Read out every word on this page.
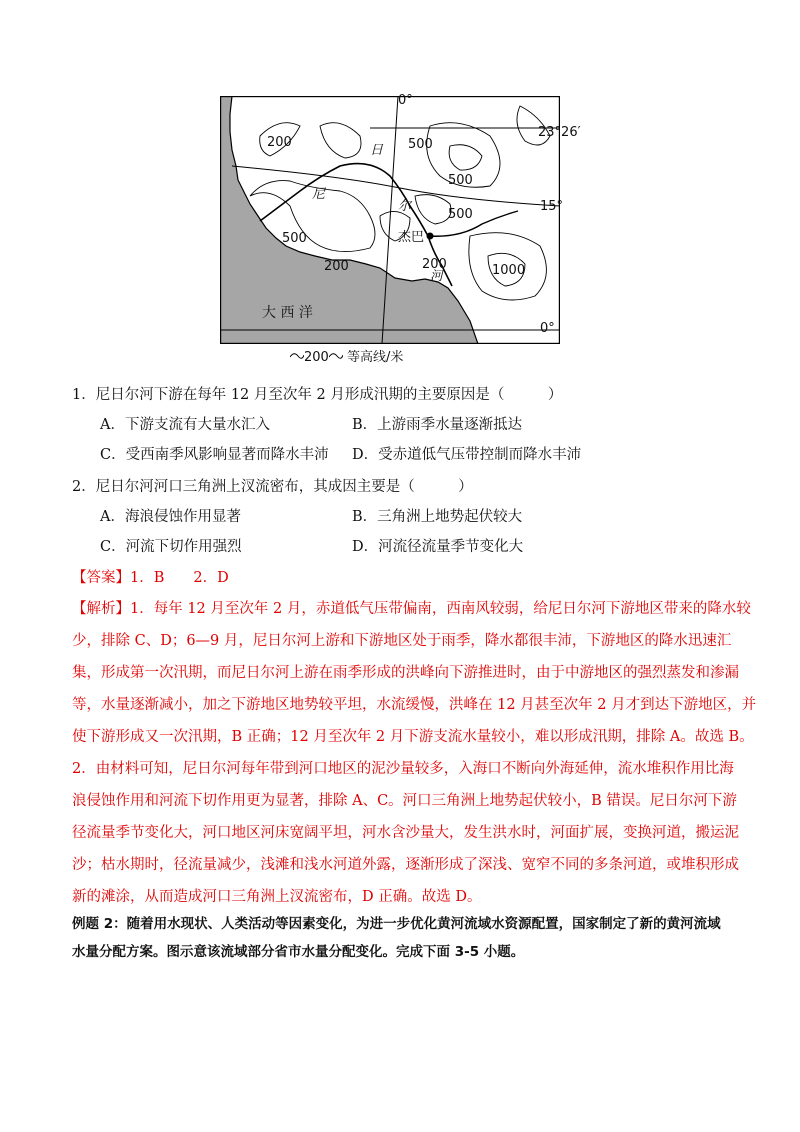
0°
23°26′
15°
0°
200
200	200
500
500
500
500
1000
日
尼
尔
河
杰巴
大 西 洋
200 等高线/米
1．尼日尔河下游在每年 12 月至次年 2 月形成汛期的主要原因是（　　　）
A．下游支流有大量水汇入	B．上游雨季水量逐渐抵达
C．受西南季风影响显著而降水丰沛 D．受赤道低气压带控制而降水丰沛
2．尼日尔河河口三角洲上汊流密布，其成因主要是（　　　）
A．海浪侵蚀作用显著	B．三角洲上地势起伏较大
C．河流下切作用强烈	D．河流径流量季节变化大
【答案】1．B　　2．D
【解析】1．每年 12 月至次年 2 月，赤道低气压带偏南，西南风较弱，给尼日尔河下游地区带来的降水较
少，排除 C、D；6—9 月，尼日尔河上游和下游地区处于雨季，降水都很丰沛，下游地区的降水迅速汇
集，形成第一次汛期，而尼日尔河上游在雨季形成的洪峰向下游推进时，由于中游地区的强烈蒸发和渗漏
等，水量逐渐减小，加之下游地区地势较平坦，水流缓慢，洪峰在 12 月甚至次年 2 月才到达下游地区，并
使下游形成又一次汛期，B 正确；12 月至次年 2 月下游支流水量较小，难以形成汛期，排除 A。故选 B。
2．由材料可知，尼日尔河每年带到河口地区的泥沙量较多，入海口不断向外海延伸，流水堆积作用比海
浪侵蚀作用和河流下切作用更为显著，排除 A、C。河口三角洲上地势起伏较小，B 错误。尼日尔河下游
径流量季节变化大，河口地区河床宽阔平坦，河水含沙量大，发生洪水时，河面扩展，变换河道，搬运泥
沙；枯水期时，径流量减少，浅滩和浅水河道外露，逐渐形成了深浅、宽窄不同的多条河道，或堆积形成
新的滩涂，从而造成河口三角洲上汊流密布，D 正确。故选 D。
例题 2：随着用水现状、人类活动等因素变化，为进一步优化黄河流域水资源配置，国家制定了新的黄河流域
水量分配方案。图示意该流域部分省市水量分配变化。完成下面 3-5 小题。
